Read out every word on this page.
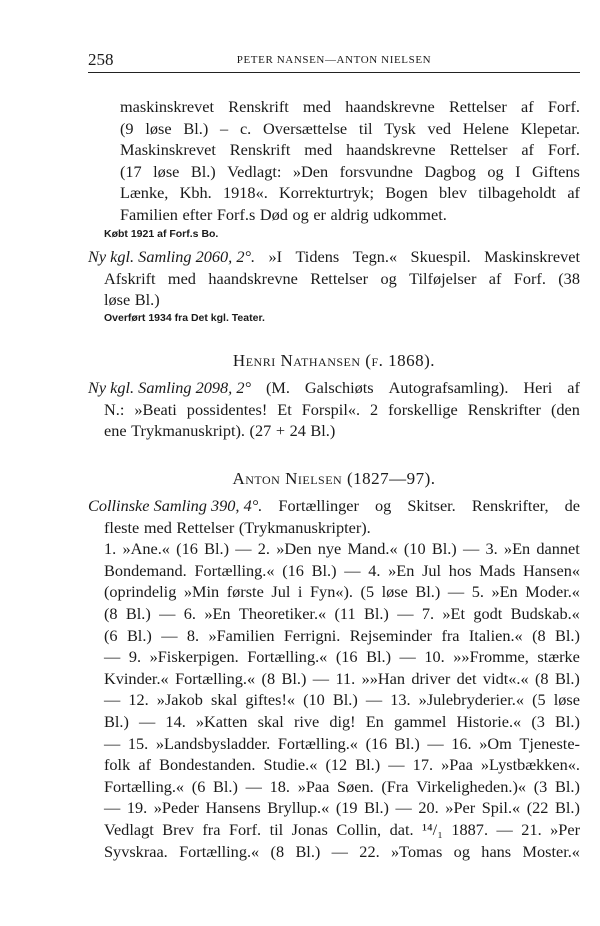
258	PETER NANSEN—ANTON NIELSEN
maskinskrevet Renskrift med haandskrevne Rettelser af Forf.
(9 løse Bl.) – c. Oversættelse til Tysk ved Helene Klepetar.
Maskinskrevet Renskrift med haandskrevne Rettelser af Forf.
(17 løse Bl.) Vedlagt: »Den forsvundne Dagbog og I Giftens
Lænke, Kbh. 1918«. Korrekturtryk; Bogen blev tilbageholdt af
Familien efter Forf.s Død og er aldrig udkommet.
Købt 1921 af Forf.s Bo.
Ny kgl. Samling 2060, 2°. »I Tidens Tegn.« Skuespil. Maskinskrevet
Afskrift med haandskrevne Rettelser og Tilføjelser af Forf. (38
løse Bl.)
Overført 1934 fra Det kgl. Teater.
Henri Nathansen (f. 1868).
Ny kgl. Samling 2098, 2° (M. Galschiøts Autografsamling). Heri af
N.: »Beati possidentes! Et Forspil«. 2 forskellige Renskrifter (den
ene Trykmanuskript). (27 + 24 Bl.)
Anton Nielsen (1827—97).
Collinske Samling 390, 4°. Fortællinger og Skitser. Renskrifter, de
fleste med Rettelser (Trykmanuskripter).
1. »Ane.« (16 Bl.) — 2. »Den nye Mand.« (10 Bl.) — 3. »En dannet
Bondemand. Fortælling.« (16 Bl.) — 4. »En Jul hos Mads Hansen«
(oprindelig »Min første Jul i Fyn«). (5 løse Bl.) — 5. »En Moder.«
(8 Bl.) — 6. »En Theoretiker.« (11 Bl.) — 7. »Et godt Budskab.«
(6 Bl.) — 8. »Familien Ferrigni. Rejseminder fra Italien.« (8 Bl.)
— 9. »Fiskerpigen. Fortælling.« (16 Bl.) — 10. »»Fromme, stærke
Kvinder.« Fortælling.« (8 Bl.) — 11. »»Han driver det vidt«.« (8 Bl.)
— 12. »Jakob skal giftes!« (10 Bl.) — 13. »Julebryderier.« (5 løse
Bl.) — 14. »Katten skal rive dig! En gammel Historie.« (3 Bl.)
— 15. »Landsbysladder. Fortælling.« (16 Bl.) — 16. »Om Tjeneste-
folk af Bondestanden. Studie.« (12 Bl.) — 17. »Paa »Lystbækken«.
Fortælling.« (6 Bl.) — 18. »Paa Søen. (Fra Virkeligheden.)« (3 Bl.)
— 19. »Peder Hansens Bryllup.« (19 Bl.) — 20. »Per Spil.« (22 Bl.)
Vedlagt Brev fra Forf. til Jonas Collin, dat. ¹⁴/₁ 1887. — 21. »Per
Syvskraa. Fortælling.« (8 Bl.) — 22. »Tomas og hans Moster.«
